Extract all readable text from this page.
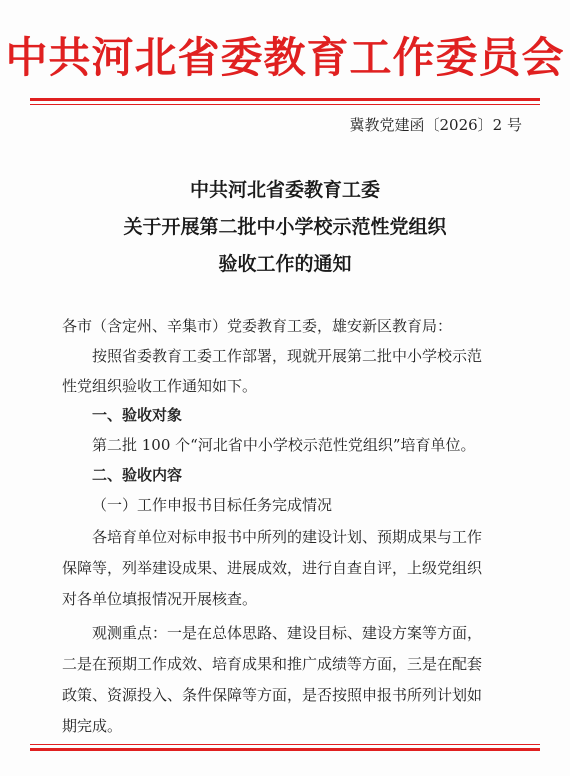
中共河北省委教育工作委员会
冀教党建函〔2026〕2 号
中共河北省委教育工委
关于开展第二批中小学校示范性党组织
验收工作的通知
各市（含定州、辛集市）党委教育工委，雄安新区教育局：
按照省委教育工委工作部署，现就开展第二批中小学校示范
性党组织验收工作通知如下。
一、验收对象
第二批 100 个“河北省中小学校示范性党组织”培育单位。
二、验收内容
（一）工作申报书目标任务完成情况
各培育单位对标申报书中所列的建设计划、预期成果与工作
保障等，列举建设成果、进展成效，进行自查自评，上级党组织
对各单位填报情况开展核查。
观测重点：一是在总体思路、建设目标、建设方案等方面，
二是在预期工作成效、培育成果和推广成绩等方面，三是在配套
政策、资源投入、条件保障等方面，是否按照申报书所列计划如
期完成。
